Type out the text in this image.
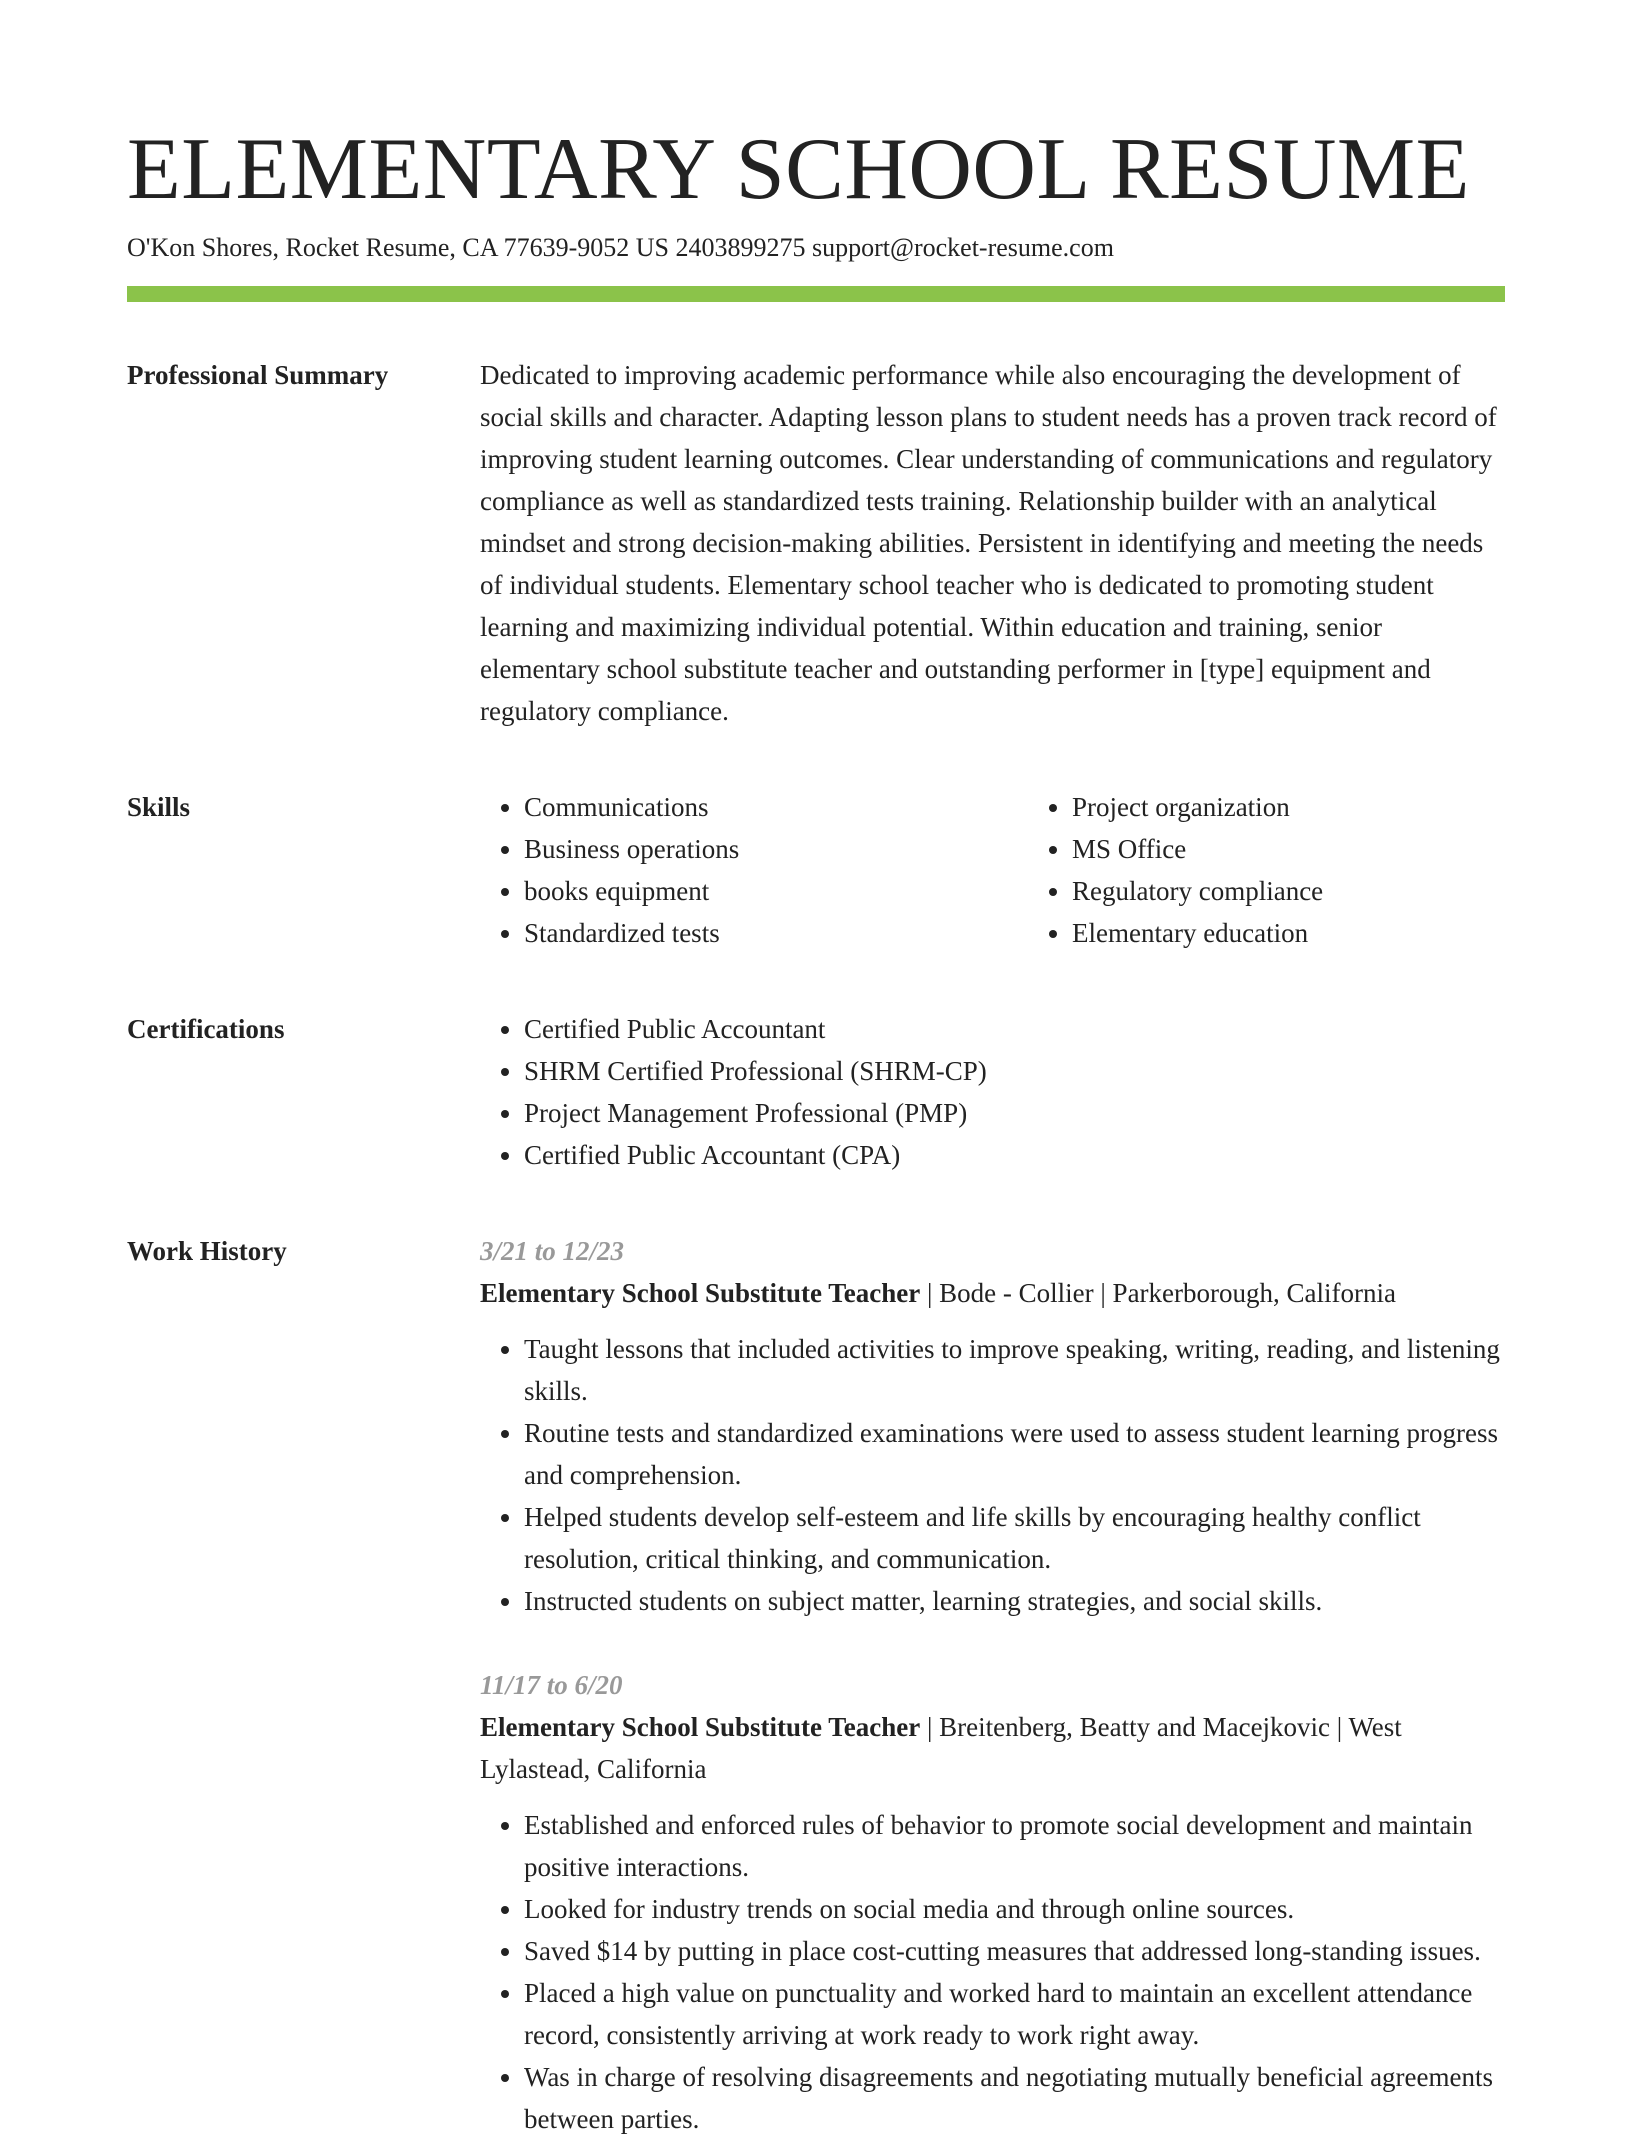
ELEMENTARY SCHOOL RESUME
O'Kon Shores, Rocket Resume, CA 77639-9052 US 2403899275 support@rocket-resume.com
Professional Summary	Dedicated to improving academic performance while also encouraging the development of social skills and character. Adapting lesson plans to student needs has a proven track record of improving student learning outcomes. Clear understanding of communications and regulatory compliance as well as standardized tests training. Relationship builder with an analytical mindset and strong decision-making abilities. Persistent in identifying and meeting the needs of individual students. Elementary school teacher who is dedicated to promoting student learning and maximizing individual potential. Within education and training, senior elementary school substitute teacher and outstanding performer in [type] equipment and regulatory compliance.

Skills	• Communications
• Business operations
• books equipment
• Standardized tests
• Project organization
• MS Office
• Regulatory compliance
• Elementary education
Certifications	• Certified Public Accountant
• SHRM Certified Professional (SHRM-CP)
• Project Management Professional (PMP)
• Certified Public Accountant (CPA)
Work History	3/21 to 12/23

Elementary School Substitute Teacher | Bode - Collier | Parkerborough, California

• Taught lessons that included activities to improve speaking, writing, reading, and listening skills.
• Routine tests and standardized examinations were used to assess student learning progress and comprehension.
• Helped students develop self-esteem and life skills by encouraging healthy conflict resolution, critical thinking, and communication.
• Instructed students on subject matter, learning strategies, and social skills.
11/17 to 6/20

Elementary School Substitute Teacher | Breitenberg, Beatty and Macejkovic | West Lylastead, California

• Established and enforced rules of behavior to promote social development and maintain positive interactions.
• Looked for industry trends on social media and through online sources.
• Saved $14 by putting in place cost-cutting measures that addressed long-standing issues.
• Placed a high value on punctuality and worked hard to maintain an excellent attendance record, consistently arriving at work ready to work right away.
• Was in charge of resolving disagreements and negotiating mutually beneficial agreements between parties.
